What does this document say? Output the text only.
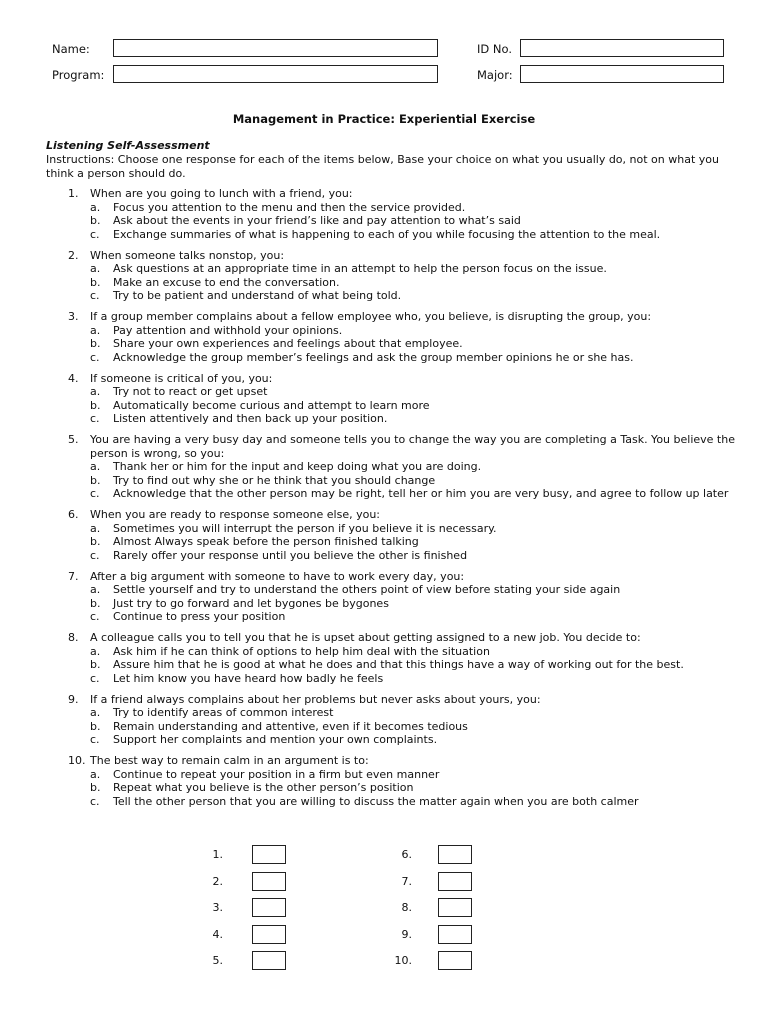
Name:	ID No.
Program:	Major:
Management in Practice: Experiential Exercise
Listening Self-Assessment
Instructions: Choose one response for each of the items below, Base your choice on what you usually do, not on what you think a person should do.
1. When are you going to lunch with a friend, you:
a. Focus you attention to the menu and then the service provided.
b. Ask about the events in your friend’s like and pay attention to what’s said
c. Exchange summaries of what is happening to each of you while focusing the attention to the meal.
2. When someone talks nonstop, you:
a. Ask questions at an appropriate time in an attempt to help the person focus on the issue.
b. Make an excuse to end the conversation.
c. Try to be patient and understand of what being told.
3. If a group member complains about a fellow employee who, you believe, is disrupting the group, you:
a. Pay attention and withhold your opinions.
b. Share your own experiences and feelings about that employee.
c. Acknowledge the group member’s feelings and ask the group member opinions he or she has.
4. If someone is critical of you, you:
a. Try not to react or get upset
b. Automatically become curious and attempt to learn more
c. Listen attentively and then back up your position.
5. You are having a very busy day and someone tells you to change the way you are completing a Task. You believe the person is wrong, so you:
a. Thank her or him for the input and keep doing what you are doing.
b. Try to find out why she or he think that you should change
c. Acknowledge that the other person may be right, tell her or him you are very busy, and agree to follow up later
6. When you are ready to response someone else, you:
a. Sometimes you will interrupt the person if you believe it is necessary.
b. Almost Always speak before the person finished talking
c. Rarely offer your response until you believe the other is finished
7. After a big argument with someone to have to work every day, you:
a. Settle yourself and try to understand the others point of view before stating your side again
b. Just try to go forward and let bygones be bygones
c. Continue to press your position
8. A colleague calls you to tell you that he is upset about getting assigned to a new job. You decide to:
a. Ask him if he can think of options to help him deal with the situation
b. Assure him that he is good at what he does and that this things have a way of working out for the best.
c. Let him know you have heard how badly he feels
9. If a friend always complains about her problems but never asks about yours, you:
a. Try to identify areas of common interest
b. Remain understanding and attentive, even if it becomes tedious
c. Support her complaints and mention your own complaints.
10. The best way to remain calm in an argument is to:
a. Continue to repeat your position in a firm but even manner
b. Repeat what you believe is the other person’s position
c. Tell the other person that you are willing to discuss the matter again when you are both calmer
1.
2.
3.
4.
5.
6.
7.
8.
9.
10.
